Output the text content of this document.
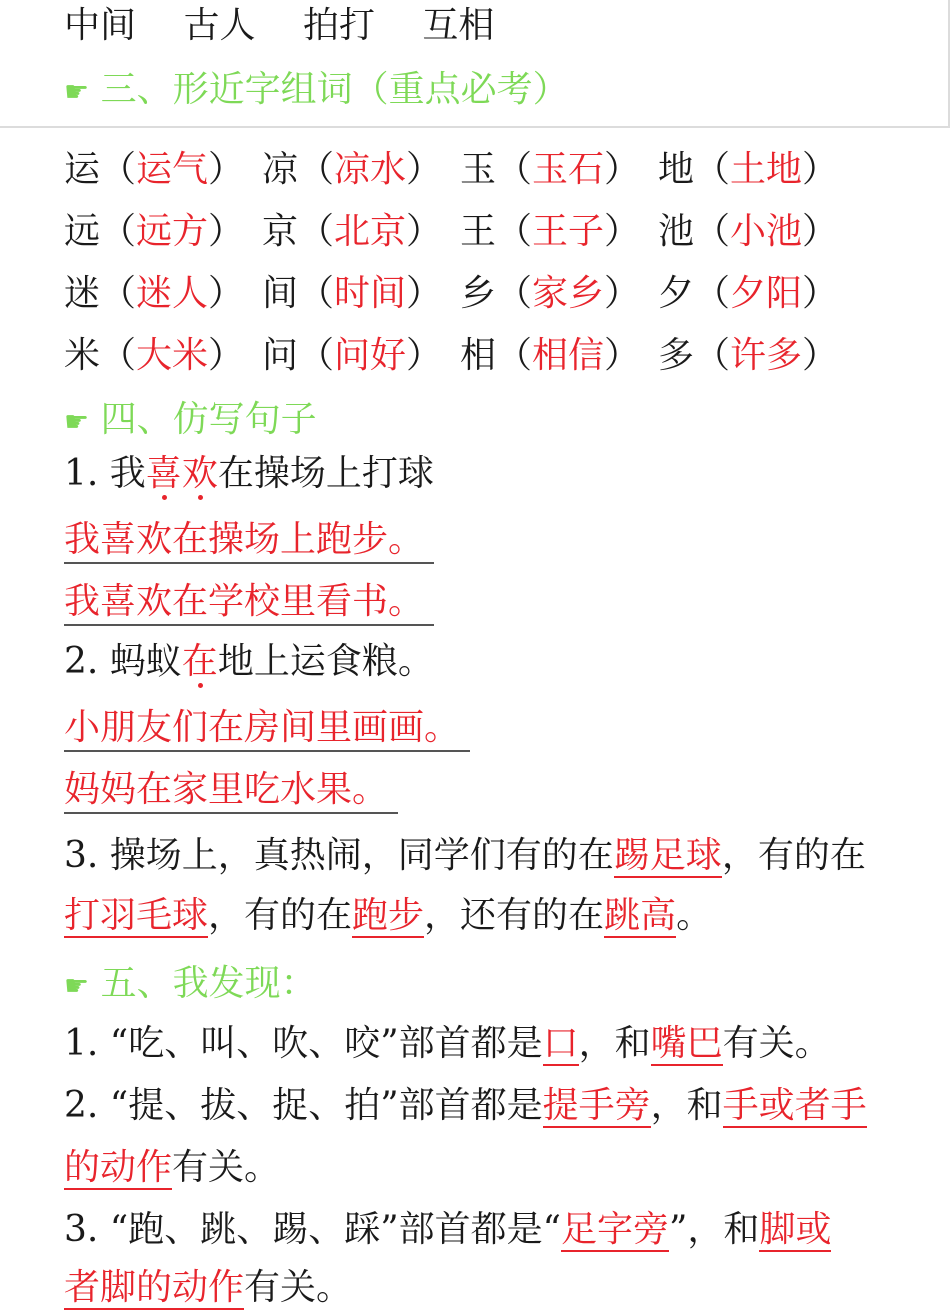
中间 古人 拍打 互相
☛ 三、形近字组词（重点必考）
运（运气） 凉（凉水） 玉（玉石） 地（土地）
远（远方） 京（北京） 王（王子） 池（小池）
迷（迷人） 间（时间） 乡（家乡） 夕（夕阳）
米（大米） 问（问好） 相（相信） 多（许多）
☛ 四、仿写句子
1. 我喜欢在操场上打球
我喜欢在操场上跑步。
我喜欢在学校里看书。
2. 蚂蚁在地上运食粮。
小朋友们在房间里画画。
妈妈在家里吃水果。
3. 操场上，真热闹，同学们有的在踢足球，有的在
打羽毛球，有的在跑步，还有的在跳高。
☛ 五、我发现：
1. “吃、叫、吹、咬”部首都是口，和嘴巴有关。
2. “提、拔、捉、拍”部首都是提手旁，和手或者手
的动作有关。
3. “跑、跳、踢、踩”部首都是“足字旁”，和脚或
者脚的动作有关。
